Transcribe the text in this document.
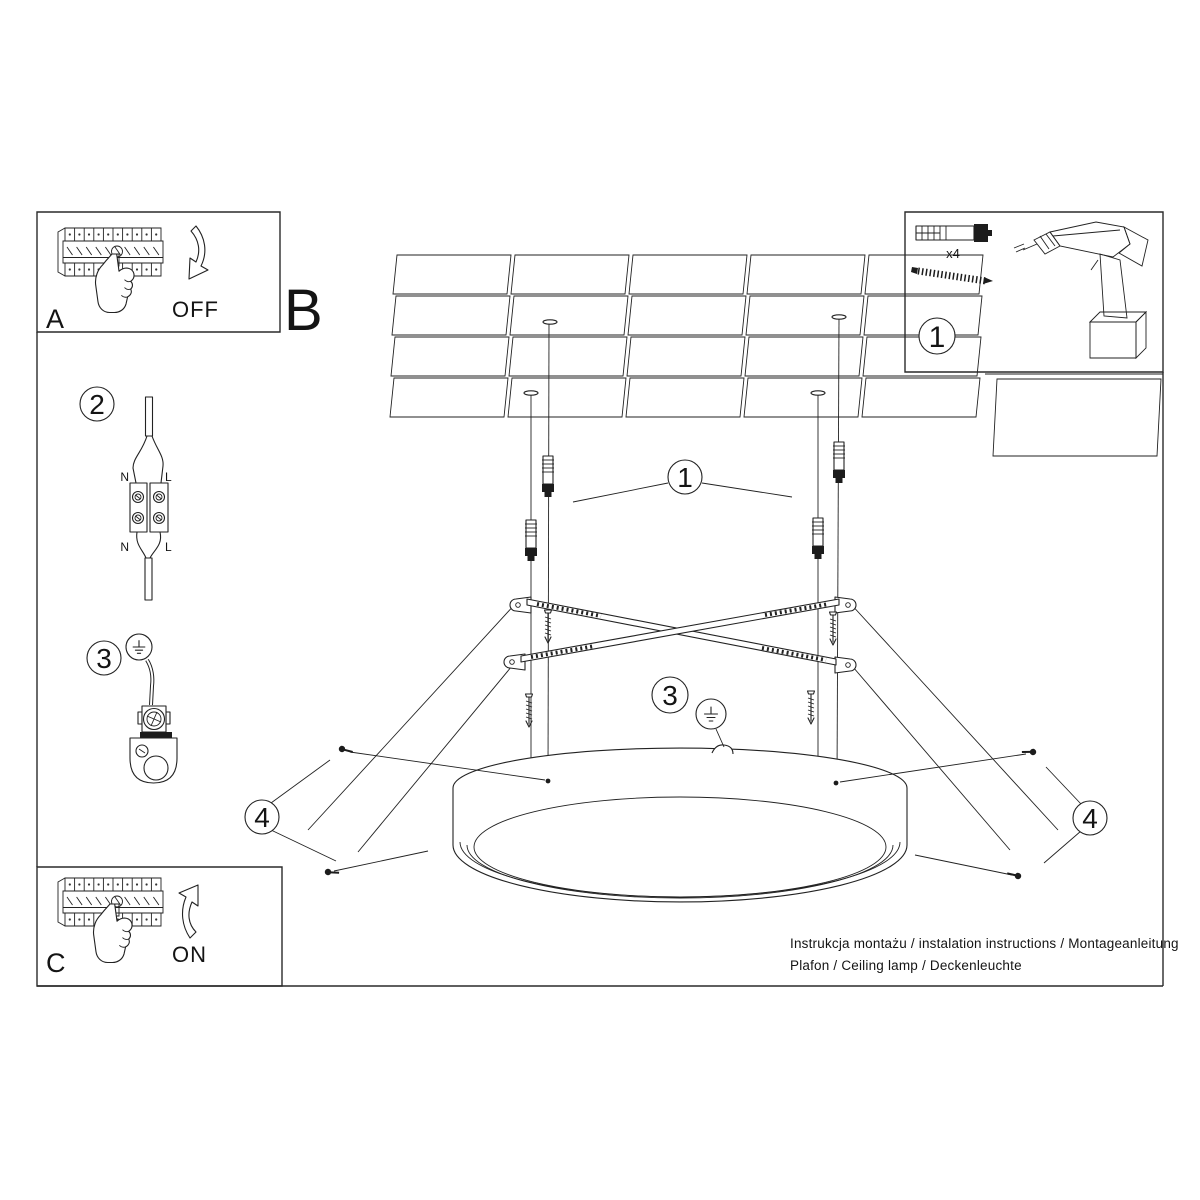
OFF
A	B
x4
1
2
N	L
N	L
3
ON
C
1
3
4	4
Instrukcja montażu / instalation instructions / Montageanleitung
Plafon / Ceiling lamp / Deckenleuchte
